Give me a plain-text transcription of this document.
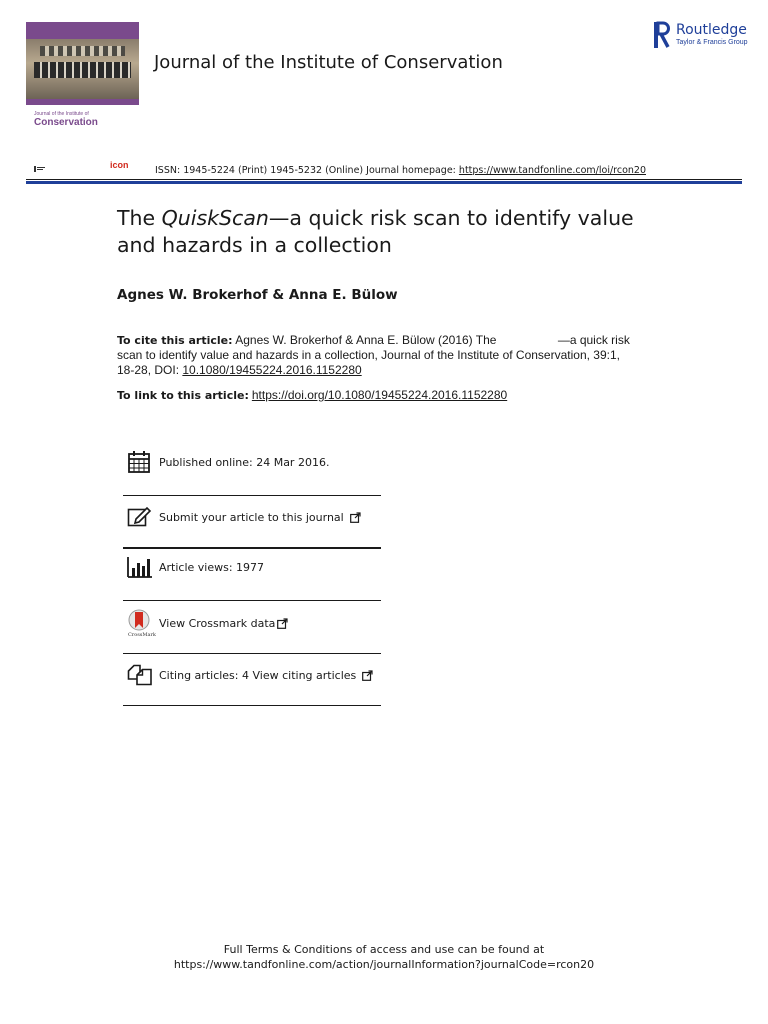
Journal of the Institute of
Conservation
Journal of the Institute of Conservation
Routledge
Taylor & Francis Group
icon	ISSN: 1945-5224 (Print) 1945-5232 (Online) Journal homepage: https://www.tandfonline.com/loi/rcon20
The QuiskScan—a quick risk scan to identify value and hazards in a collection
Agnes W. Brokerhof & Anna E. Bülow
To cite this article: Agnes W. Brokerhof & Anna E. Bülow (2016) The	—a quick risk scan to identify value and hazards in a collection, Journal of the Institute of Conservation, 39:1, 18-28, DOI: 10.1080/19455224.2016.1152280
To link to this article: https://doi.org/10.1080/19455224.2016.1152280
Published online: 24 Mar 2016.
Submit your article to this journal
Article views: 1977
CrossMark
View Crossmark data
Citing articles: 4 View citing articles
Full Terms & Conditions of access and use can be found at
https://www.tandfonline.com/action/journalInformation?journalCode=rcon20
